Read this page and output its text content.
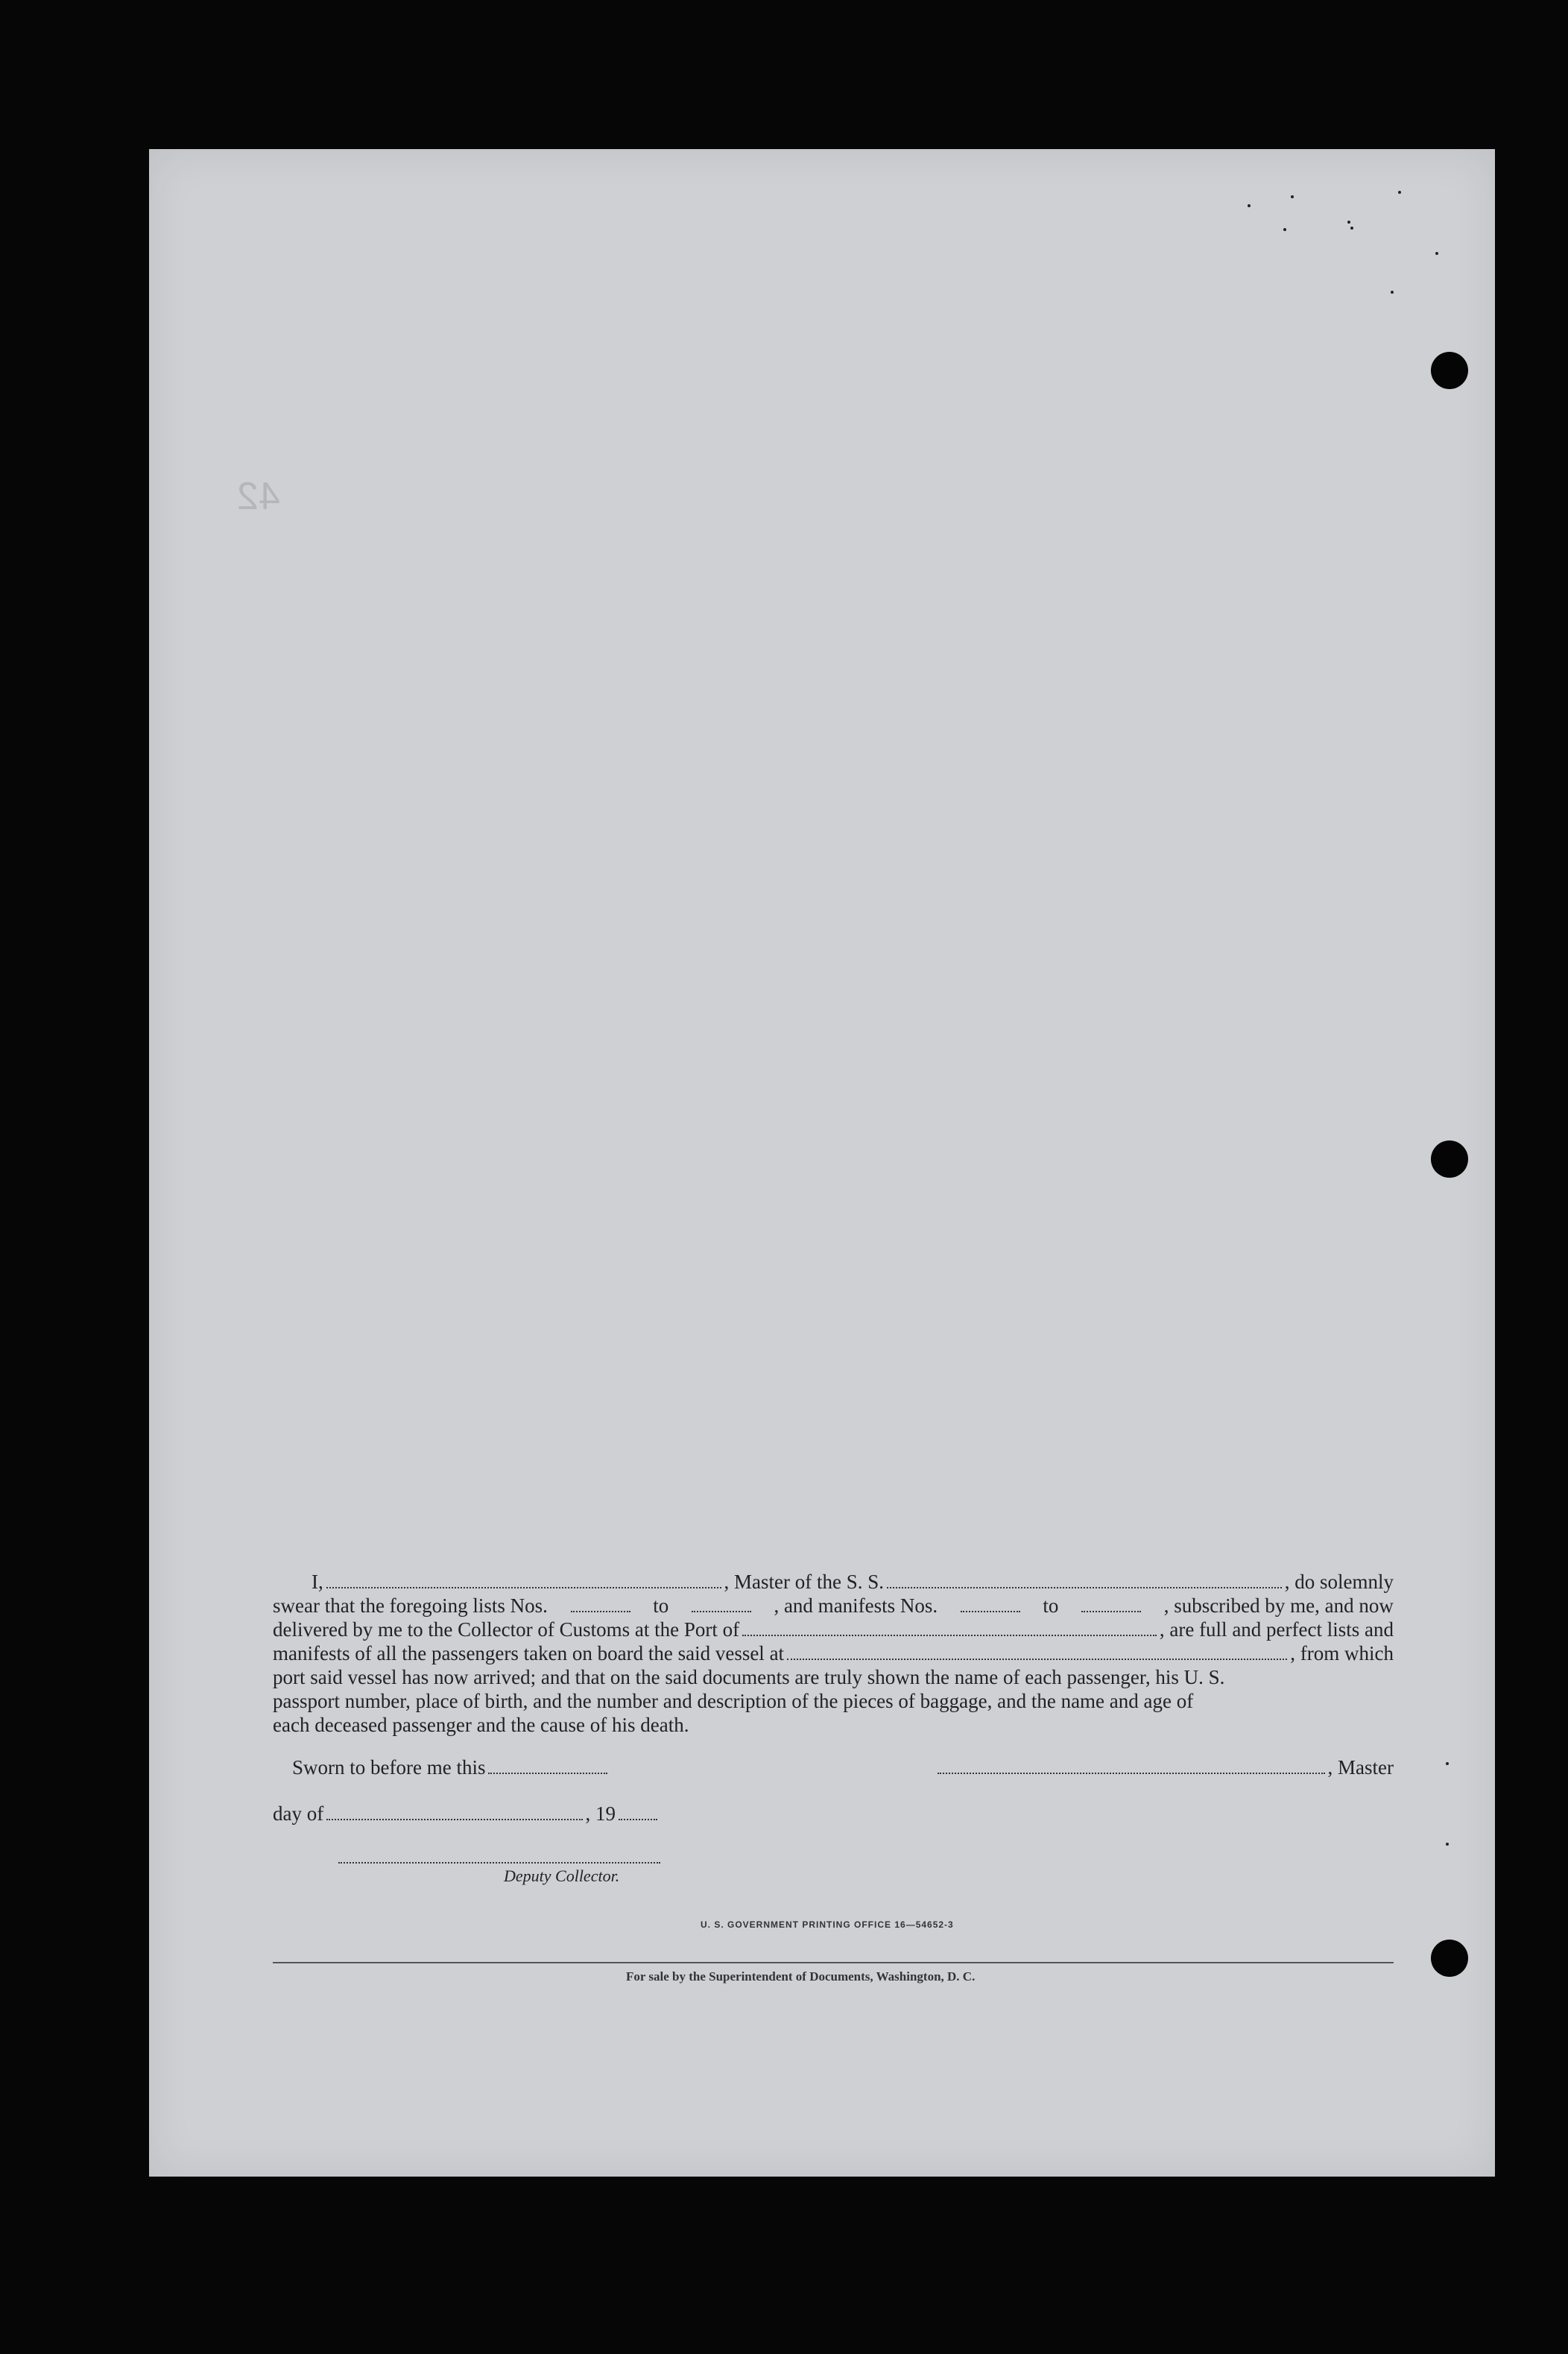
42
I,	, Master of the S. S.	, do solemnly
swear that the foregoing lists Nos.	to	, and manifests Nos.	to	, subscribed by me, and now
delivered by me to the Collector of Customs at the Port of	, are full and perfect lists and
manifests of all the passengers taken on board the said vessel at	, from which
port said vessel has now arrived; and that on the said documents are truly shown the name of each passenger, his U. S.
passport number, place of birth, and the number and description of the pieces of baggage, and the name and age of
each deceased passenger and the cause of his death.
Sworn to before me this	, Master
day of	, 19
Deputy Collector.
U. S. GOVERNMENT PRINTING OFFICE 16—54652-3
For sale by the Superintendent of Documents, Washington, D. C.
